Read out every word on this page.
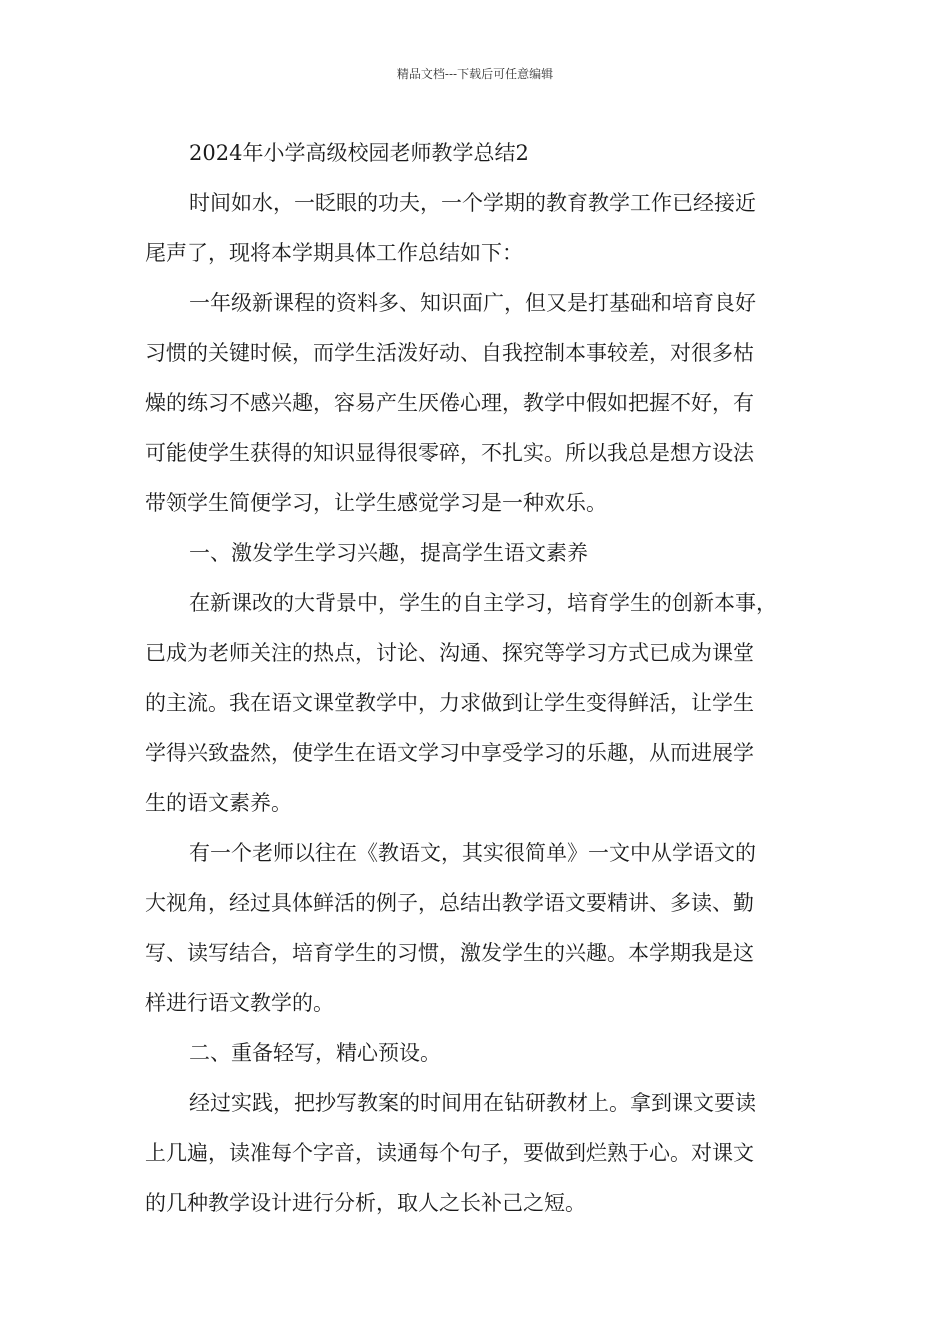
精品文档---下载后可任意编辑
2024年小学高级校园老师教学总结2
时间如水，一眨眼的功夫，一个学期的教育教学工作已经接近
尾声了，现将本学期具体工作总结如下：
一年级新课程的资料多、知识面广，但又是打基础和培育良好
习惯的关键时候，而学生活泼好动、自我控制本事较差，对很多枯
燥的练习不感兴趣，容易产生厌倦心理，教学中假如把握不好，有
可能使学生获得的知识显得很零碎，不扎实。所以我总是想方设法
带领学生简便学习，让学生感觉学习是一种欢乐。
一、激发学生学习兴趣，提高学生语文素养
在新课改的大背景中，学生的自主学习，培育学生的创新本事，
已成为老师关注的热点，讨论、沟通、探究等学习方式已成为课堂
的主流。我在语文课堂教学中，力求做到让学生变得鲜活，让学生
学得兴致盎然，使学生在语文学习中享受学习的乐趣，从而进展学
生的语文素养。
有一个老师以往在《教语文，其实很简单》一文中从学语文的
大视角，经过具体鲜活的例子，总结出教学语文要精讲、多读、勤
写、读写结合，培育学生的习惯，激发学生的兴趣。本学期我是这
样进行语文教学的。
二、重备轻写，精心预设。
经过实践，把抄写教案的时间用在钻研教材上。拿到课文要读
上几遍，读准每个字音，读通每个句子，要做到烂熟于心。对课文
的几种教学设计进行分析，取人之长补己之短。
